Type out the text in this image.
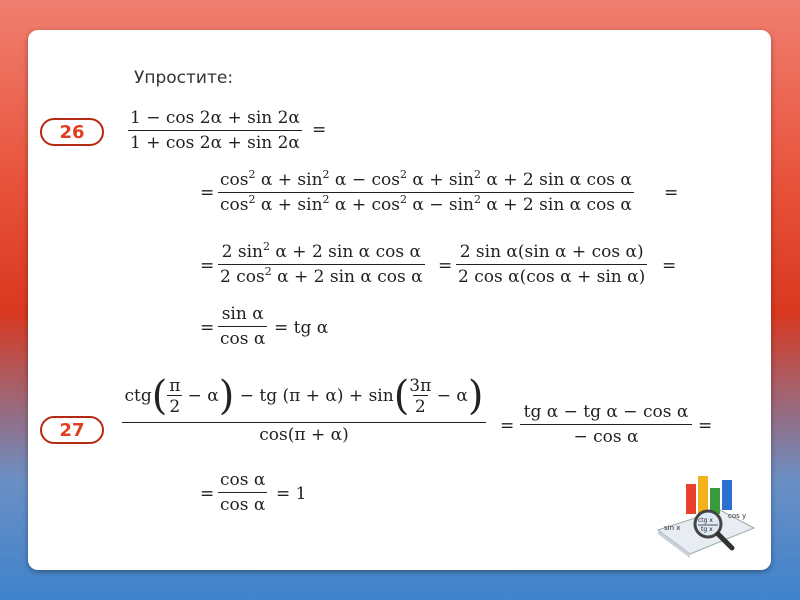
Упростите:
26	$\frac{1 - \cos 2\alpha + \sin 2\alpha}{1 + \cos 2\alpha + \sin 2\alpha}$ =
= $\frac{\cos^2 \alpha + \sin^2 \alpha - \cos^2 \alpha + \sin^2 \alpha + 2 \sin \alpha \cos \alpha}{\cos^2 \alpha + \sin^2 \alpha + \cos^2 \alpha - \sin^2 \alpha + 2 \sin \alpha \cos \alpha}$ =
= $\frac{2 \sin^2 \alpha + 2 \sin \alpha \cos \alpha}{2 \cos^2 \alpha + 2 \sin \alpha \cos \alpha} = \frac{\text{2 sin α(sin α + cos α)}}{\text{2 cos α(cos α + sin α)}}$ =
= $\frac{\text{sin α}}{\text{cos α}}$ = tg α
27
$ctg( \frac{\pi}{2} - \alpha)$ − tg $(\pi + \alpha) + \sin( \frac{3\pi}{2} - \alpha)$
cos(π + α)	= $\frac{\text{tg α − tg α − cos α}}{\text{− cos α}}$ =
= $\frac{\text{cos α}}{\text{cos α}} = 1$
sin x
cos y
ctg x
tg x
